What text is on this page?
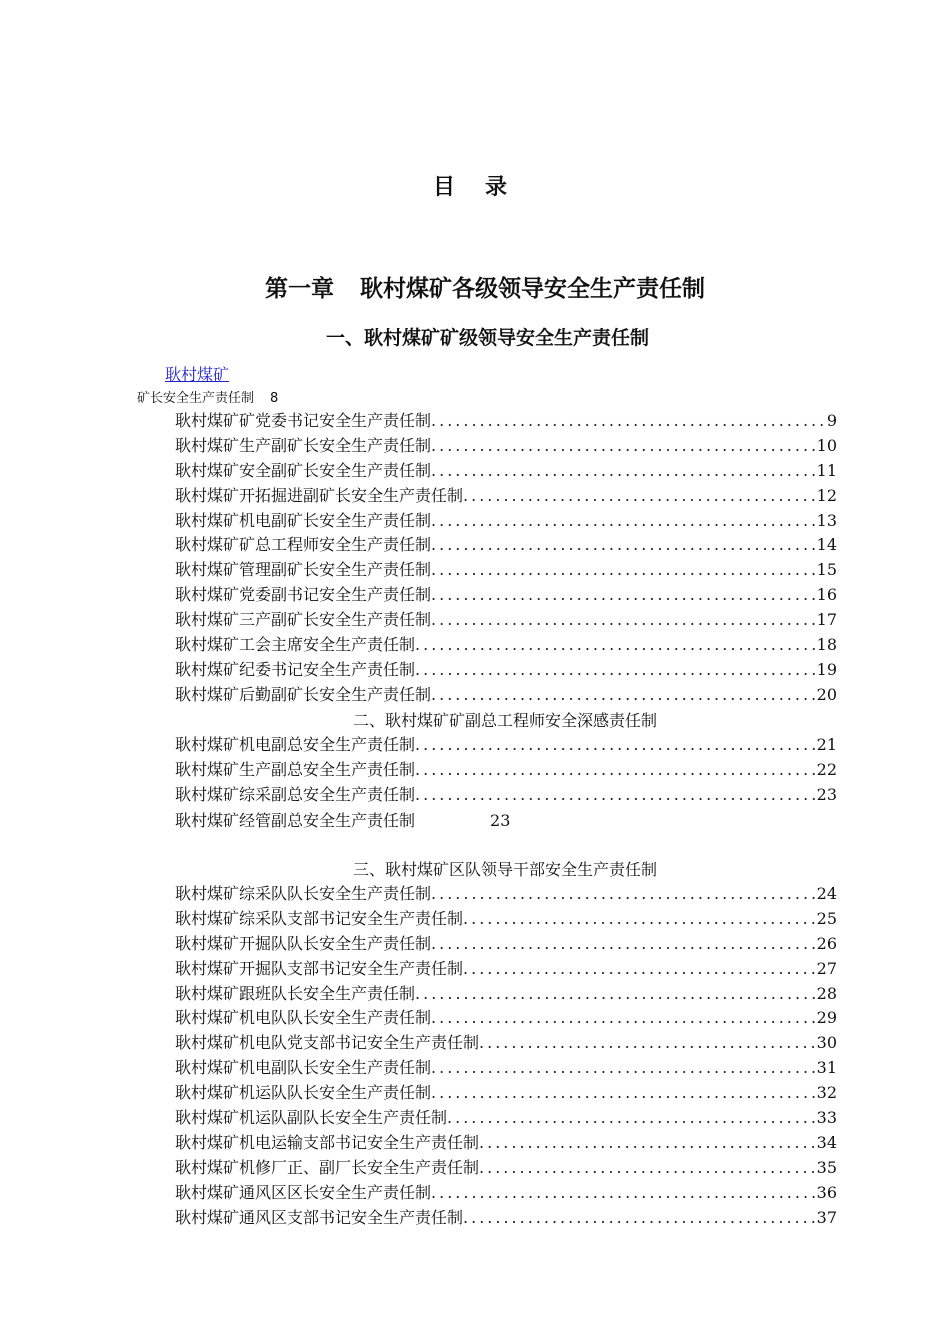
目录
第一章 耿村煤矿各级领导安全生产责任制
一、耿村煤矿矿级领导安全生产责任制
耿村煤矿
矿长安全生产责任制 8
耿村煤矿矿党委书记安全生产责任制 .....	9
耿村煤矿生产副矿长安全生产责任制 .....	10
耿村煤矿安全副矿长安全生产责任制 .....	11
耿村煤矿开拓掘进副矿长安全生产责任制 .....	12
耿村煤矿机电副矿长安全生产责任制 .....	13
耿村煤矿矿总工程师安全生产责任制 .....	14
耿村煤矿管理副矿长安全生产责任制 .....	15
耿村煤矿党委副书记安全生产责任制 .....	16
耿村煤矿三产副矿长安全生产责任制 .....	17
耿村煤矿工会主席安全生产责任制 .....	18
耿村煤矿纪委书记安全生产责任制 .....	19
耿村煤矿后勤副矿长安全生产责任制 .....	20
二、耿村煤矿矿副总工程师安全深感责任制
耿村煤矿机电副总安全生产责任制 .....	21
耿村煤矿生产副总安全生产责任制 .....	22
耿村煤矿综采副总安全生产责任制 .....	23
耿村煤矿经管副总安全生产责任制	23
三、耿村煤矿区队领导干部安全生产责任制
耿村煤矿综采队队长安全生产责任制 .....	24
耿村煤矿综采队支部书记安全生产责任制 .....	25
耿村煤矿开掘队队长安全生产责任制 .....	26
耿村煤矿开掘队支部书记安全生产责任制 .....	27
耿村煤矿跟班队长安全生产责任制 .....	28
耿村煤矿机电队队长安全生产责任制 .....	29
耿村煤矿机电队党支部书记安全生产责任制 .....	30
耿村煤矿机电副队长安全生产责任制 .....	31
耿村煤矿机运队队长安全生产责任制 .....	32
耿村煤矿机运队副队长安全生产责任制 .....	33
耿村煤矿机电运输支部书记安全生产责任制 .....	34
耿村煤矿机修厂正、副厂长安全生产责任制 .....	35
耿村煤矿通风区区长安全生产责任制 .....	36
耿村煤矿通风区支部书记安全生产责任制 .....	37
